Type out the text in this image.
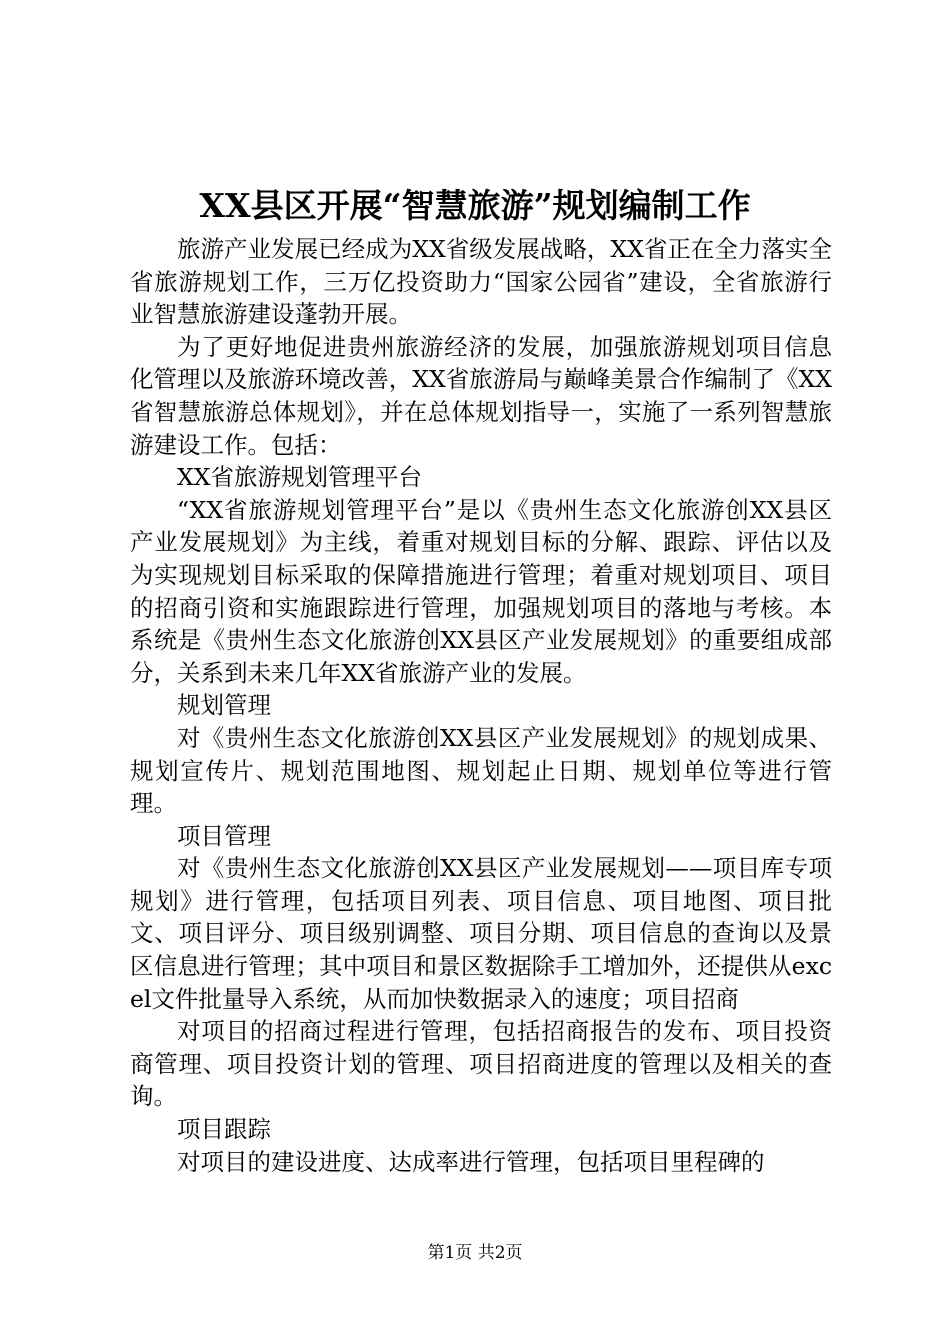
XX县区开展“智慧旅游”规划编制工作

旅游产业发展已经成为XX省级发展战略，XX省正在全力落实全省旅游规划工作，三万亿投资助力“国家公园省”建设，全省旅游行业智慧旅游建设蓬勃开展。

为了更好地促进贵州旅游经济的发展，加强旅游规划项目信息化管理以及旅游环境改善，XX省旅游局与巅峰美景合作编制了《XX省智慧旅游总体规划》，并在总体规划指导一，实施了一系列智慧旅游建设工作。包括：

XX省旅游规划管理平台

“XX省旅游规划管理平台”是以《贵州生态文化旅游创XX县区产业发展规划》为主线，着重对规划目标的分解、跟踪、评估以及为实现规划目标采取的保障措施进行管理；着重对规划项目、项目的招商引资和实施跟踪进行管理，加强规划项目的落地与考核。本系统是《贵州生态文化旅游创XX县区产业发展规划》的重要组成部分，关系到未来几年XX省旅游产业的发展。

规划管理

对《贵州生态文化旅游创XX县区产业发展规划》的规划成果、规划宣传片、规划范围地图、规划起止日期、规划单位等进行管理。

项目管理

对《贵州生态文化旅游创XX县区产业发展规划——项目库专项规划》进行管理，包括项目列表、项目信息、项目地图、项目批文、项目评分、项目级别调整、项目分期、项目信息的查询以及景区信息进行管理；其中项目和景区数据除手工增加外，还提供从excel文件批量导入系统，从而加快数据录入的速度；项目招商

对项目的招商过程进行管理，包括招商报告的发布、项目投资商管理、项目投资计划的管理、项目招商进度的管理以及相关的查询。

项目跟踪

对项目的建设进度、达成率进行管理，包括项目里程碑的

第1页 共2页
